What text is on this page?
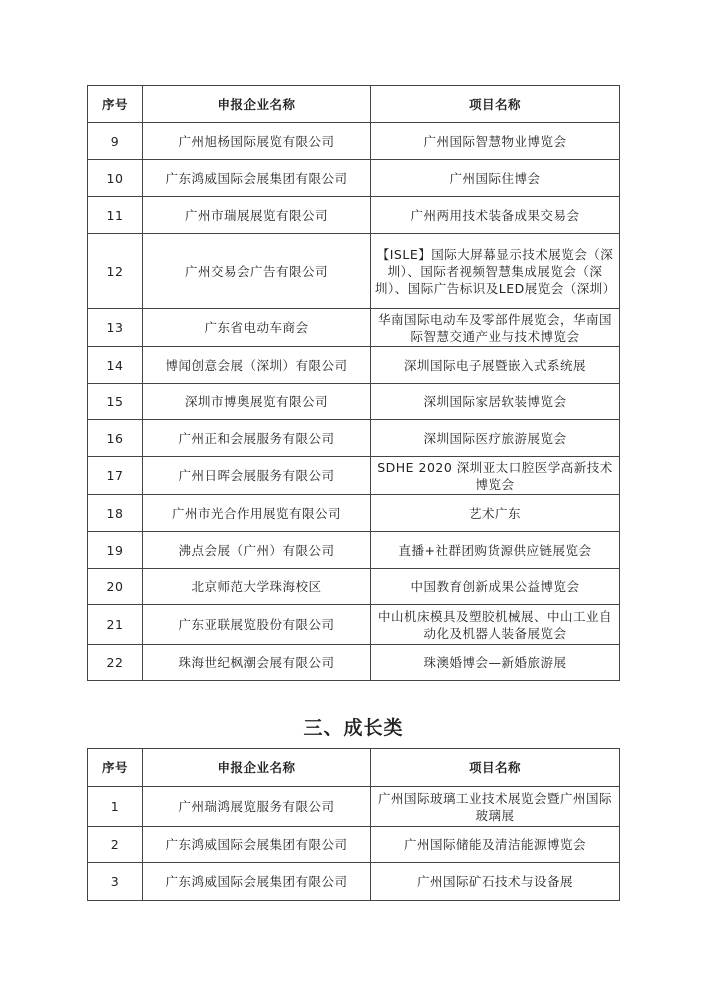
序号	申报企业名称	项目名称
9	广州旭杨国际展览有限公司	广州国际智慧物业博览会
10	广东鸿威国际会展集团有限公司	广州国际住博会
11	广州市瑞展展览有限公司	广州两用技术装备成果交易会
12	广州交易会广告有限公司	【ISLE】国际大屏幕显示技术展览会（深圳）、国际者视频智慧集成展览会（深圳）、国际广告标识及LED展览会（深圳）
13	广东省电动车商会	华南国际电动车及零部件展览会，华南国际智慧交通产业与技术博览会
14	博闻创意会展（深圳）有限公司	深圳国际电子展暨嵌入式系统展
15	深圳市博奥展览有限公司	深圳国际家居软装博览会
16	广州正和会展服务有限公司	深圳国际医疗旅游展览会
17	广州日晖会展服务有限公司	SDHE 2020 深圳亚太口腔医学高新技术博览会
18	广州市光合作用展览有限公司	艺术广东
19	沸点会展（广州）有限公司	直播+社群团购货源供应链展览会
20	北京师范大学珠海校区	中国教育创新成果公益博览会
21	广东亚联展览股份有限公司	中山机床模具及塑胶机械展、中山工业自动化及机器人装备展览会
22	珠海世纪枫潮会展有限公司	珠澳婚博会—新婚旅游展
三、成长类
序号	申报企业名称	项目名称
1	广州瑞鸿展览服务有限公司	广州国际玻璃工业技术展览会暨广州国际玻璃展
2	广东鸿威国际会展集团有限公司	广州国际储能及清洁能源博览会
3	广东鸿威国际会展集团有限公司	广州国际矿石技术与设备展
